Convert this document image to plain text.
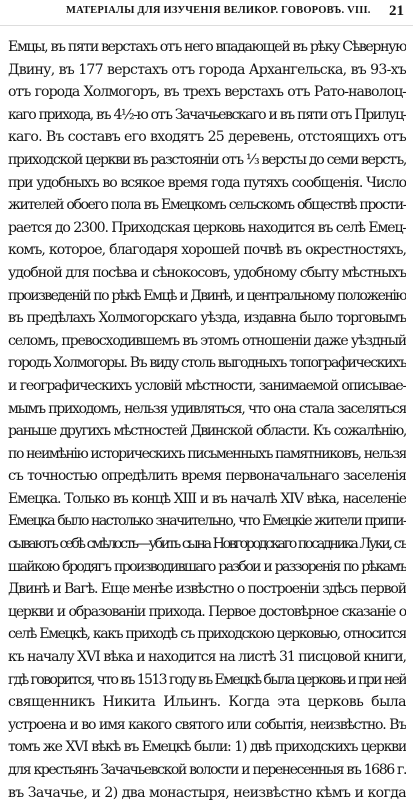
МАТЕРIАЛЫ ДЛЯ ИЗУЧЕНIЯ ВЕЛИКОР. ГОВОРОВЪ. VIII. 21
Емцы, въ пяти верстахъ отъ него впадающей въ рѣку Сѣверную
Двину, въ 177 верстахъ отъ города Архангельска, въ 93-хъ
отъ города Холмогоръ, въ трехъ верстахъ отъ Рато-наволоц-
каго прихода, въ 4½-ю отъ Зачачьевскаго и въ пяти отъ Прилуц-
каго. Въ составъ его входятъ 25 деревень, отстоящихъ отъ
приходской церкви въ разстоянiи отъ ⅓ версты до семи верстъ,
при удобныхъ во всякое время года путяхъ сообщенiя. Число
жителей обоего пола въ Емецкомъ сельскомъ обществѣ прости-
рается до 2300. Приходская церковь находится въ селѣ Емец-
комъ, которое, благодаря хорошей почвѣ въ окрестностяхъ,
удобной для посѣва и сѣнокосовъ, удобному сбыту мѣстныхъ
произведенiй по рѣкѣ Емцѣ и Двинѣ, и центральному положенiю
въ предѣлахъ Холмогорскаго уѣзда, издавна было торговымъ
селомъ, превосходившемъ въ этомъ отношенiи даже уѣздный
городъ Холмогоры. Въ виду столь выгодныхъ топографическихъ
и географическихъ условiй мѣстности, занимаемой описывае-
мымъ приходомъ, нельзя удивляться, что она стала заселяться
раньше другихъ мѣстностей Двинской области. Къ сожалѣнiю,
по неимѣнiю историческихъ письменныхъ памятниковъ, нельзя
съ точностью опредѣлить время первоначальнаго заселенiя
Емецка. Только въ концѣ XIII и въ началѣ XIV вѣка, населенiе
Емецка было настолько значительно, что Емецкiе жители припи-
сываютъ себѣ смѣлость—убить сына Новгородскаго посадника Луки, съ
шайкою бродягъ производившаго разбои и раззоренiя по рѣкамъ
Двинѣ и Вагѣ. Еще менѣе извѣстно о построенiи здѣсь первой
церкви и образованiи прихода. Первое достовѣрное сказанiе о
селѣ Емецкѣ, какъ приходѣ съ приходскою церковью, относится
къ началу XVI вѣка и находится на листѣ 31 писцовой книги,
гдѣ говорится, что въ 1513 году въ Емецкѣ была церковь и при ней
священникъ Никита Ильинъ. Когда эта церковь была
устроена и во имя какого святого или событiя, неизвѣстно. Въ
томъ же XVI вѣкѣ въ Емецкѣ были: 1) двѣ приходскихъ церкви
для крестьянъ Зачачьевской волости и перенесенныя въ 1686 г.
въ Зачачье, и 2) два монастыря, неизвѣстно кѣмъ и когда
